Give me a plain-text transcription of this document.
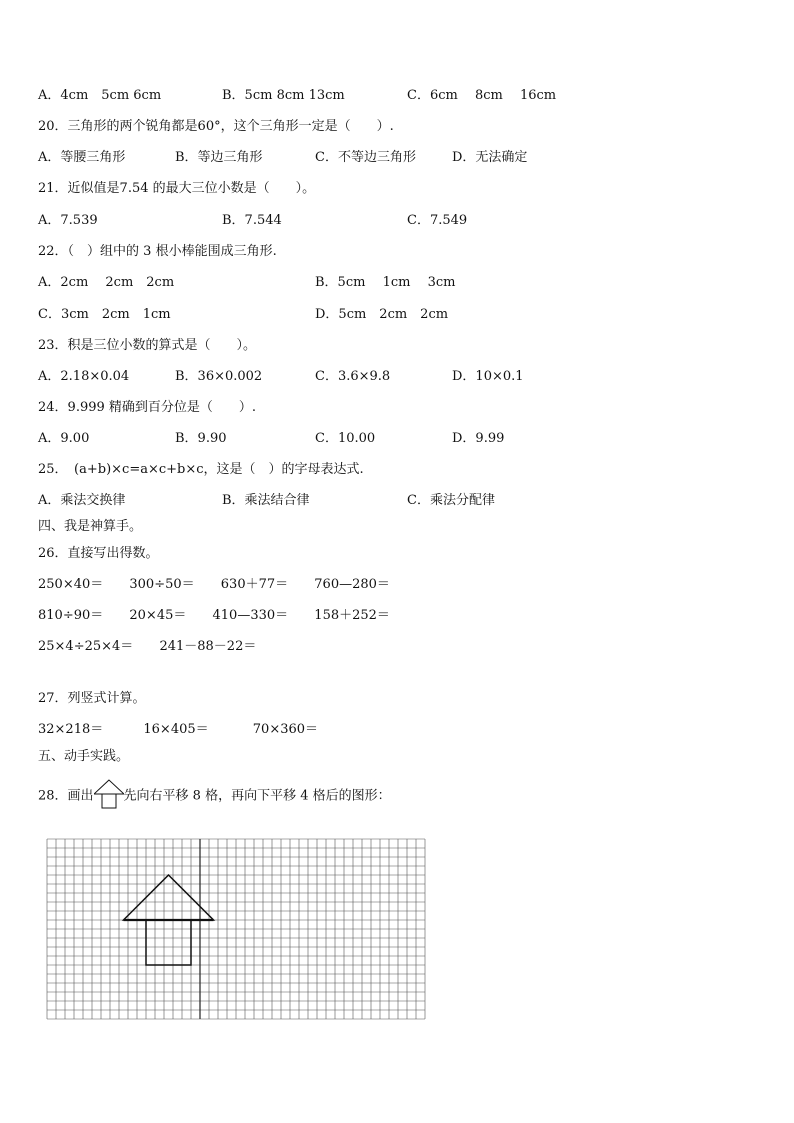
A．4cm　5cm 6cm	B．5cm 8cm 13cm	C．6cm　 8cm　 16cm
20．三角形的两个锐角都是60°，这个三角形一定是（　　）.
A．等腰三角形	B．等边三角形	C．不等边三角形	D．无法确定
21．近似值是7.54 的最大三位小数是（　　）。
A．7.539	B．7.544	C．7.549
22．（　）组中的 3 根小棒能围成三角形.
A．2cm　 2cm　2cm	B．5cm　 1cm　 3cm
C．3cm　2cm　1cm	D．5cm　2cm　2cm
23．积是三位小数的算式是（　　）。
A．2.18×0.04	B．36×0.002	C．3.6×9.8	D．10×0.1
24．9.999 精确到百分位是（　　）.
A．9.00	B．9.90	C．10.00	D．9.99
25．　(a+b)×c=a×c+b×c，这是（　）的字母表达式.
A．乘法交换律	B．乘法结合律	C．乘法分配律
四、我是神算手。
26．直接写出得数。
250×40＝ 300÷50＝ 630＋77＝ 760—280＝
810÷90＝ 20×45＝ 410—330＝ 158＋252＝
25×4÷25×4＝ 241－88－22＝
27．列竖式计算。
32×218＝	16×405＝	70×360＝
五、动手实践。
28．画出 先向右平移 8 格，再向下平移 4 格后的图形：
